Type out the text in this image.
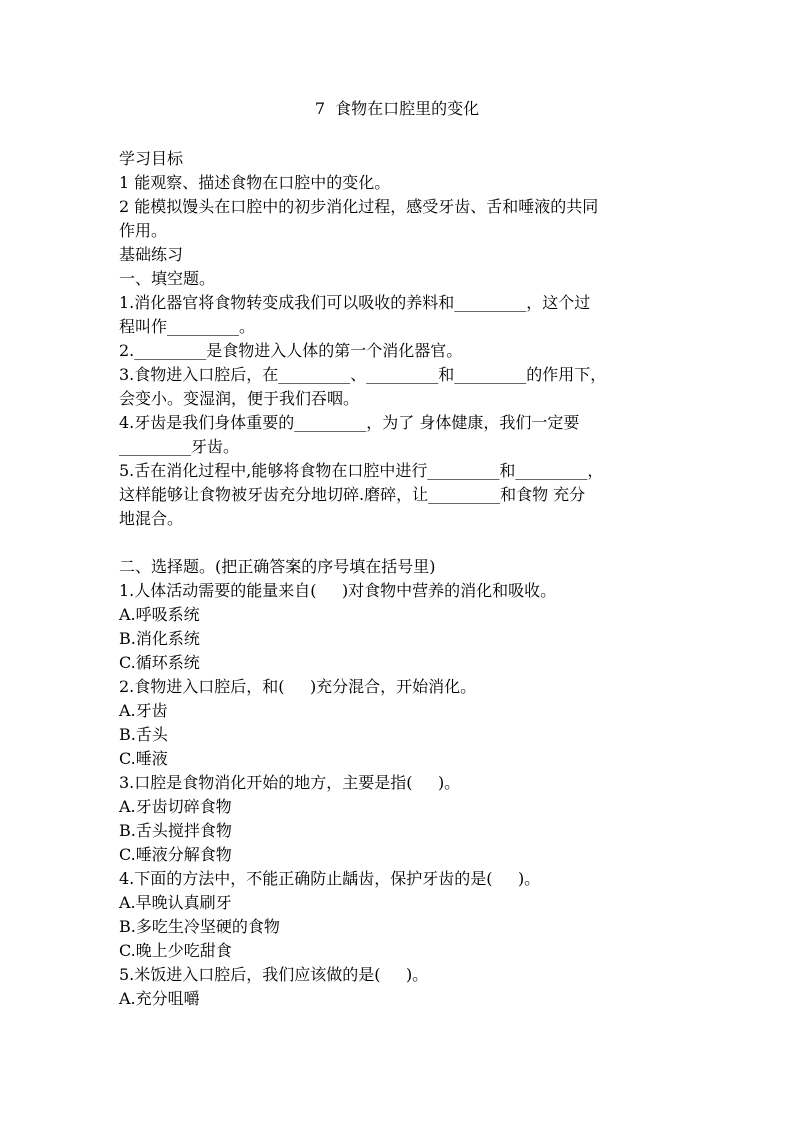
7  食物在口腔里的变化
学习目标
1 能观察、描述食物在口腔中的变化。
2 能模拟馒头在口腔中的初步消化过程，感受牙齿、舌和唾液的共同
作用。
基础练习
一、填空题。
1.消化器官将食物转变成我们可以吸收的养料和_________，这个过
程叫作_________。
2._________是食物进入人体的第一个消化器官。
3.食物进入口腔后，在_________、_________和_________的作用下，
会变小。变湿润，便于我们吞咽。
4.牙齿是我们身体重要的_________，为了 身体健康，我们一定要
_________牙齿。
5.舌在消化过程中,能够将食物在口腔中进行_________和_________，
这样能够让食物被牙齿充分地切碎.磨碎，让_________和食物 充分
地混合。
二、选择题。(把正确答案的序号填在括号里)
1.人体活动需要的能量来自(     )对食物中营养的消化和吸收。
A.呼吸系统
B.消化系统
C.循环系统
2.食物进入口腔后，和(     )充分混合，开始消化。
A.牙齿
B.舌头
C.唾液
3.口腔是食物消化开始的地方，主要是指(     )。
A.牙齿切碎食物
B.舌头搅拌食物
C.唾液分解食物
4.下面的方法中，不能正确防止龋齿，保护牙齿的是(     )。
A.早晚认真刷牙
B.多吃生冷坚硬的食物
C.晚上少吃甜食
5.米饭进入口腔后，我们应该做的是(     )。
A.充分咀嚼
